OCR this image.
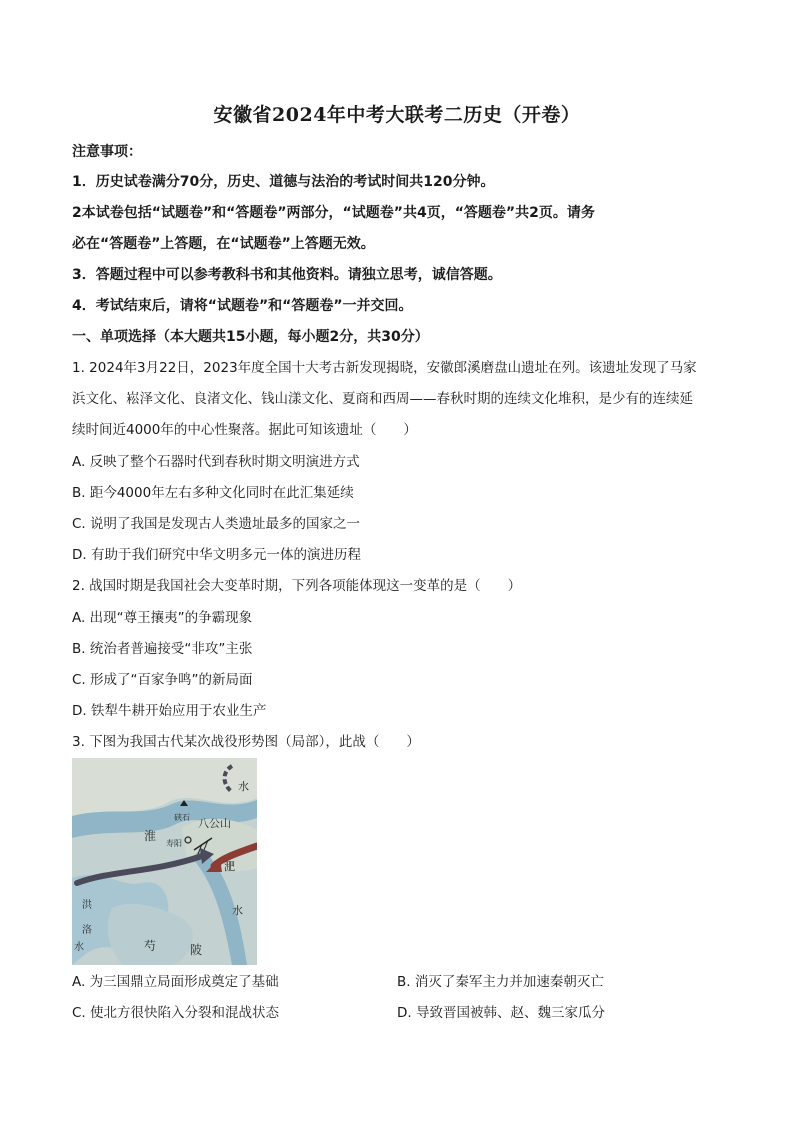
安徽省2024年中考大联考二历史（开卷）
注意事项：
1．历史试卷满分70分，历史、道德与法治的考试时间共120分钟。
2本试卷包括“试题卷”和“答题卷”两部分，“试题卷”共4页，“答题卷”共2页。请务
必在“答题卷”上答题，在“试题卷”上答题无效。
3．答题过程中可以参考教科书和其他资料。请独立思考，诚信答题。
4．考试结束后，请将“试题卷”和“答题卷”一并交回。
一、单项选择（本大题共15小题，每小题2分，共30分）
1. 2024年3月22日，2023年度全国十大考古新发现揭晓，安徽郎溪磨盘山遗址在列。该遗址发现了马家
浜文化、崧泽文化、良渚文化、钱山漾文化、夏商和西周——春秋时期的连续文化堆积，是少有的连续延
续时间近4000年的中心性聚落。据此可知该遗址（　　）
A. 反映了整个石器时代到春秋时期文明演进方式
B. 距今4000年左右多种文化同时在此汇集延续
C. 说明了我国是发现古人类遗址最多的国家之一
D. 有助于我们研究中华文明多元一体的演进历程
2. 战国时期是我国社会大变革时期，下列各项能体现这一变革的是（　　）
A. 出现“尊王攘夷”的争霸现象
B. 统治者普遍接受“非攻”主张
C. 形成了“百家争鸣”的新局面
D. 铁犁牛耕开始应用于农业生产
3. 下图为我国古代某次战役形势图（局部），此战（　　）
硖石 八公山
寿阳
水
淮
淝
水
洪
洛
水	芍	陂
A. 为三国鼎立局面形成奠定了基础	B. 消灭了秦军主力并加速秦朝灭亡
C. 使北方很快陷入分裂和混战状态	D. 导致晋国被韩、赵、魏三家瓜分
